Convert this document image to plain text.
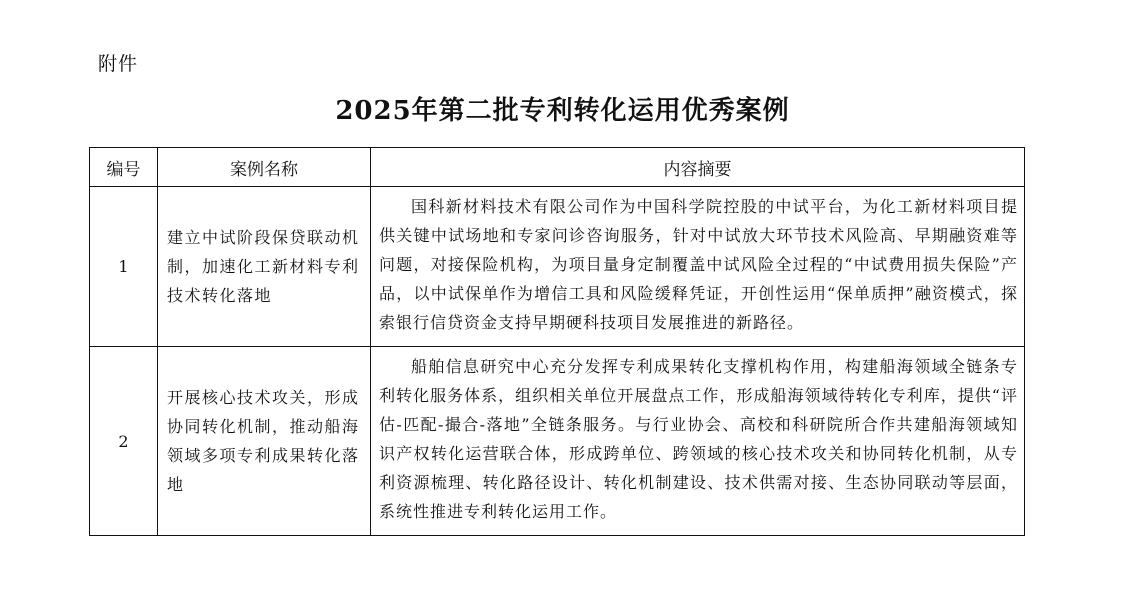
附件
2025年第二批专利转化运用优秀案例
编号	案例名称	内容摘要
1	建立中试阶段保贷联动机制，加速化工新材料专利技术转化落地	国科新材料技术有限公司作为中国科学院控股的中试平台，为化工新材料项目提供关键中试场地和专家问诊咨询服务，针对中试放大环节技术风险高、早期融资难等问题，对接保险机构，为项目量身定制覆盖中试风险全过程的“中试费用损失保险”产品，以中试保单作为增信工具和风险缓释凭证，开创性运用“保单质押”融资模式，探索银行信贷资金支持早期硬科技项目发展推进的新路径。
2	开展核心技术攻关，形成协同转化机制，推动船海领域多项专利成果转化落地	船舶信息研究中心充分发挥专利成果转化支撑机构作用，构建船海领域全链条专利转化服务体系，组织相关单位开展盘点工作，形成船海领域待转化专利库，提供“评估-匹配-撮合-落地”全链条服务。与行业协会、高校和科研院所合作共建船海领域知识产权转化运营联合体，形成跨单位、跨领域的核心技术攻关和协同转化机制，从专利资源梳理、转化路径设计、转化机制建设、技术供需对接、生态协同联动等层面，系统性推进专利转化运用工作。
